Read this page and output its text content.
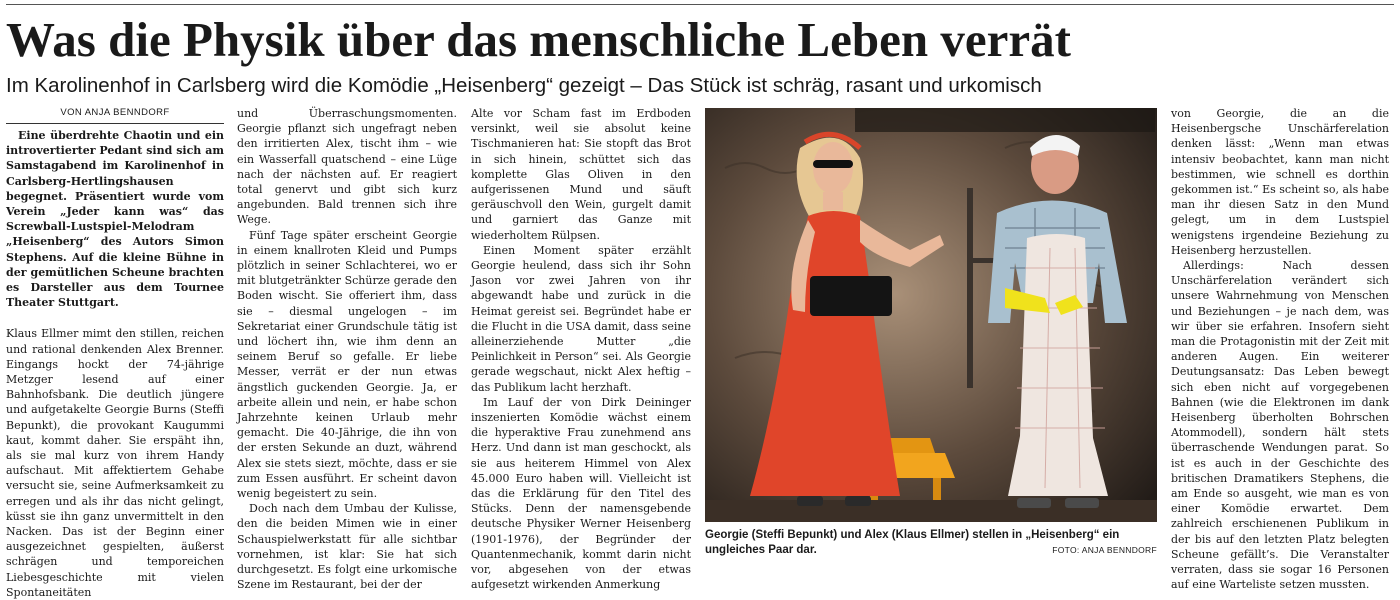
Was die Physik über das menschliche Leben verrät
Im Karolinenhof in Carlsberg wird die Komödie „Heisenberg“ gezeigt – Das Stück ist schräg, rasant und urkomisch
VON ANJA BENNDORF

Eine überdrehte Chaotin und ein introvertierter Pedant sind sich am Samstagabend im Karolinenhof in Carlsberg-Hertlingshausen begegnet. Präsentiert wurde vom Verein „Jeder kann was“ das Screwball-Lustspiel-Melodram „Heisenberg“ des Autors Simon Stephens. Auf die kleine Bühne in der gemütlichen Scheune brachten es Darsteller aus dem Tournee Theater Stuttgart.

Klaus Ellmer mimt den stillen, reichen und rational denkenden Alex Brenner. Eingangs hockt der 74-jährige Metzger lesend auf einer Bahnhofsbank. Die deutlich jüngere und aufgetakelte Georgie Burns (Steffi Bepunkt), die provokant Kaugummi kaut, kommt daher. Sie erspäht ihn, als sie mal kurz von ihrem Handy aufschaut. Mit affektiertem Gehabe versucht sie, seine Aufmerksamkeit zu erregen und als ihr das nicht gelingt, küsst sie ihn ganz unvermittelt in den Nacken. Das ist der Beginn einer ausgezeichnet gespielten, äußerst schrägen und temporeichen Liebesgeschichte mit vielen Spontaneitäten

und Überraschungsmomenten. Georgie pflanzt sich ungefragt neben den irritierten Alex, tischt ihm – wie ein Wasserfall quatschend – eine Lüge nach der nächsten auf. Er reagiert total genervt und gibt sich kurz angebunden. Bald trennen sich ihre Wege.

Fünf Tage später erscheint Georgie in einem knallroten Kleid und Pumps plötzlich in seiner Schlachterei, wo er mit blutgetränkter Schürze gerade den Boden wischt. Sie offeriert ihm, dass sie – diesmal ungelogen – im Sekretariat einer Grundschule tätig ist und löchert ihn, wie ihm denn an seinem Beruf so gefalle. Er liebe Messer, verrät er der nun etwas ängstlich guckenden Georgie. Ja, er arbeite allein und nein, er habe schon Jahrzehnte keinen Urlaub mehr gemacht. Die 40-Jährige, die ihn von der ersten Sekunde an duzt, während Alex sie stets siezt, möchte, dass er sie zum Essen ausführt. Er scheint davon wenig begeistert zu sein.

Doch nach dem Umbau der Kulisse, den die beiden Mimen wie in einer Schauspielwerkstatt für alle sichtbar vornehmen, ist klar: Sie hat sich durchgesetzt. Es folgt eine urkomische Szene im Restaurant, bei der der

Alte vor Scham fast im Erdboden versinkt, weil sie absolut keine Tischmanieren hat: Sie stopft das Brot in sich hinein, schüttet sich das komplette Glas Oliven in den aufgerissenen Mund und säuft geräuschvoll den Wein, gurgelt damit und garniert das Ganze mit wiederholtem Rülpsen.

Einen Moment später erzählt Georgie heulend, dass sich ihr Sohn Jason vor zwei Jahren von ihr abgewandt habe und zurück in die Heimat gereist sei. Begründet habe er die Flucht in die USA damit, dass seine alleinerziehende Mutter „die Peinlichkeit in Person“ sei. Als Georgie gerade wegschaut, nickt Alex heftig – das Publikum lacht herzhaft.

Im Lauf der von Dirk Deininger inszenierten Komödie wächst einem die hyperaktive Frau zunehmend ans Herz. Und dann ist man geschockt, als sie aus heiterem Himmel von Alex 45.000 Euro haben will. Vielleicht ist das die Erklärung für den Titel des Stücks. Denn der namensgebende deutsche Physiker Werner Heisenberg (1901-1976), der Begründer der Quantenmechanik, kommt darin nicht vor, abgesehen von der etwas aufgesetzt wirkenden Anmerkung

Georgie (Steffi Bepunkt) und Alex (Klaus Ellmer) stellen in „Heisenberg“ ein ungleiches Paar dar.	FOTO: ANJA BENNDORF

von Georgie, die an die Heisenbergsche Unschärferelation denken lässt: „Wenn man etwas intensiv beobachtet, kann man nicht bestimmen, wie schnell es dorthin gekommen ist.“ Es scheint so, als habe man ihr diesen Satz in den Mund gelegt, um in dem Lustspiel wenigstens irgendeine Beziehung zu Heisenberg herzustellen.

Allerdings: Nach dessen Unschärferelation verändert sich unsere Wahrnehmung von Menschen und Beziehungen – je nach dem, was wir über sie erfahren. Insofern sieht man die Protagonistin mit der Zeit mit anderen Augen. Ein weiterer Deutungsansatz: Das Leben bewegt sich eben nicht auf vorgegebenen Bahnen (wie die Elektronen im dank Heisenberg überholten Bohrschen Atommodell), sondern hält stets überraschende Wendungen parat. So ist es auch in der Geschichte des britischen Dramatikers Stephens, die am Ende so ausgeht, wie man es von einer Komödie erwartet. Dem zahlreich erschienenen Publikum in der bis auf den letzten Platz belegten Scheune gefällt’s. Die Veranstalter verraten, dass sie sogar 16 Personen auf eine Warteliste setzen mussten.
